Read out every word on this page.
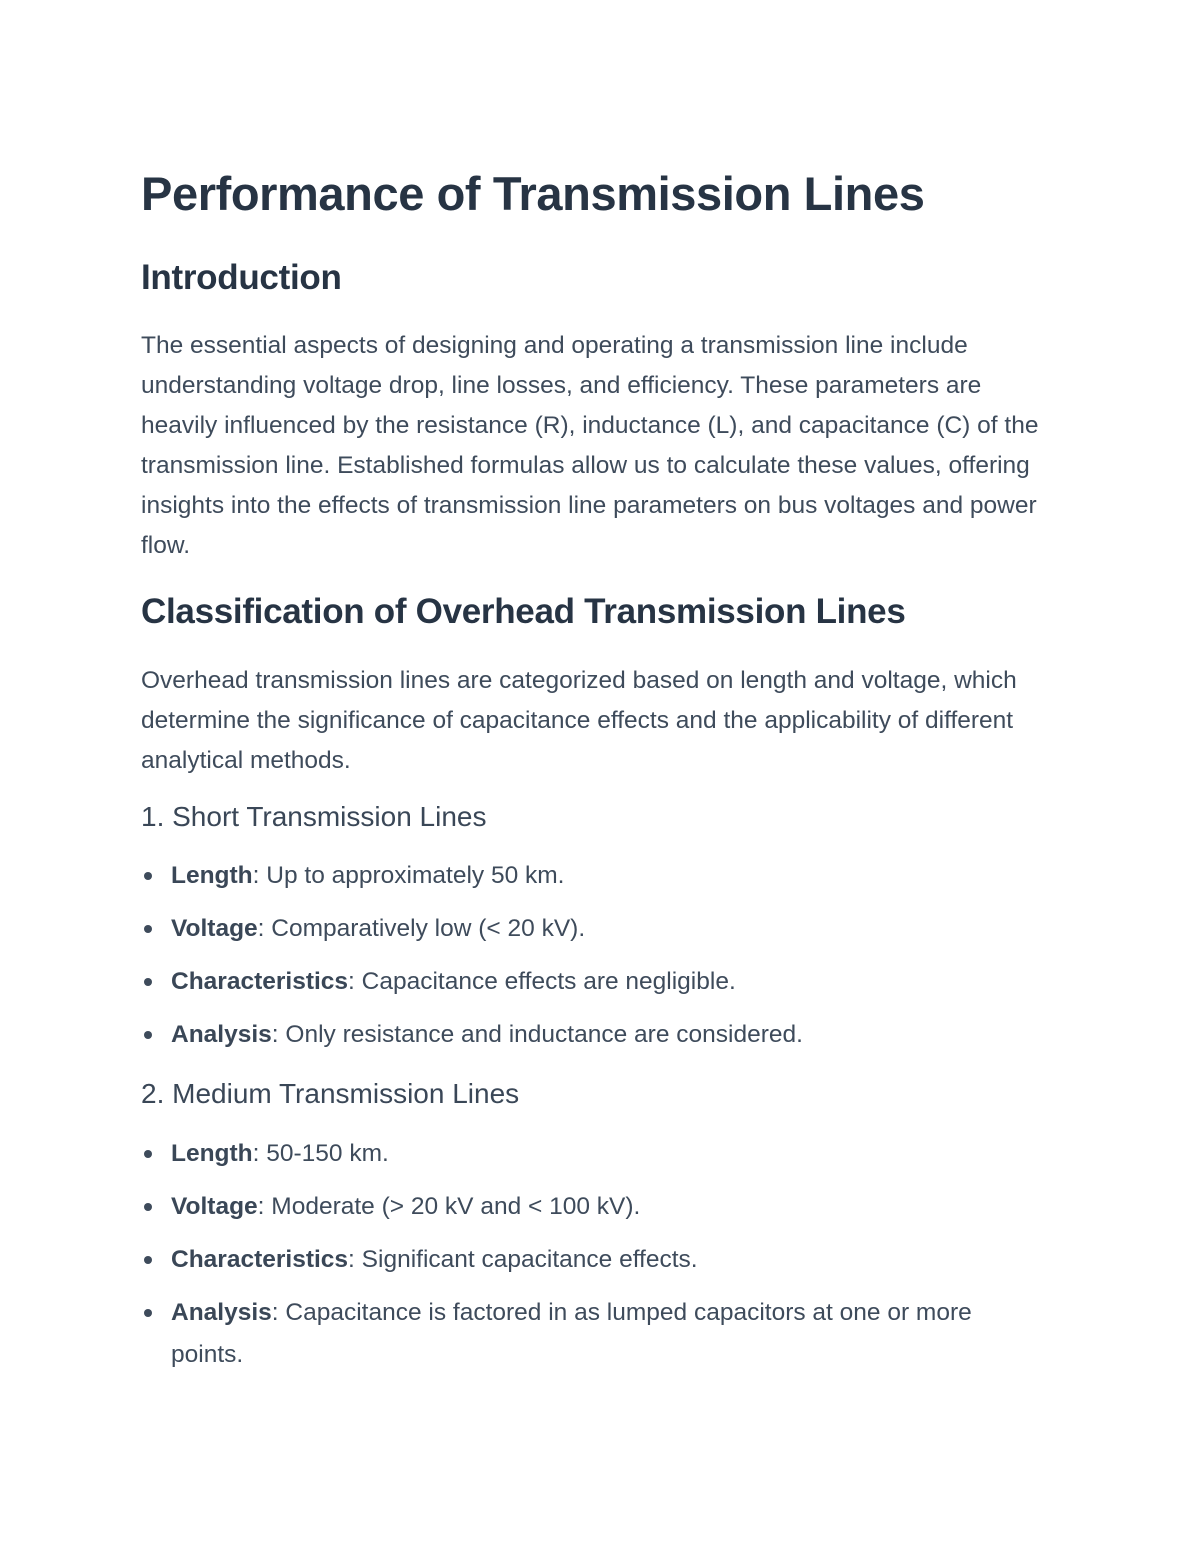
Performance of Transmission Lines
Introduction

The essential aspects of designing and operating a transmission line include understanding voltage drop, line losses, and efficiency. These parameters are heavily influenced by the resistance (R), inductance (L), and capacitance (C) of the transmission line. Established formulas allow us to calculate these values, offering insights into the effects of transmission line parameters on bus voltages and power flow.

Classification of Overhead Transmission Lines

Overhead transmission lines are categorized based on length and voltage, which determine the significance of capacitance effects and the applicability of different analytical methods.

1. Short Transmission Lines
Length: Up to approximately 50 km.
Voltage: Comparatively low (< 20 kV).
Characteristics: Capacitance effects are negligible.
Analysis: Only resistance and inductance are considered.
2. Medium Transmission Lines
Length: 50-150 km.
Voltage: Moderate (> 20 kV and < 100 kV).
Characteristics: Significant capacitance effects.
Analysis: Capacitance is factored in as lumped capacitors at one or more points.
